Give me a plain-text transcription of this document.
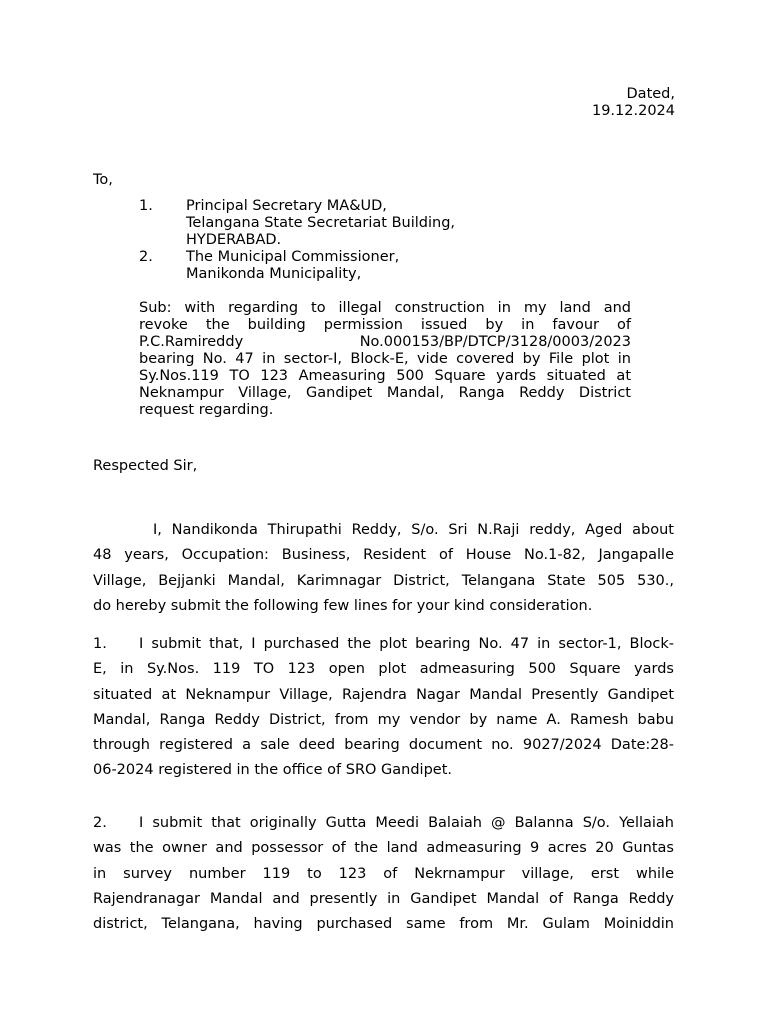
Dated,
19.12.2024
To,
1.	Principal Secretary MA&UD,
Telangana State Secretariat Building,
HYDERABAD.
2.	The Municipal Commissioner,
Manikonda Municipality,
Sub: with regarding to illegal construction in my land and
revoke the building permission issued by in favour of
P.C.Ramireddy No.000153/BP/DTCP/3128/0003/2023
bearing No. 47 in sector-I, Block-E, vide covered by File plot in
Sy.Nos.119 TO 123 Ameasuring 500 Square yards situated at
Neknampur Village, Gandipet Mandal, Ranga Reddy District
request regarding.
Respected Sir,
I, Nandikonda Thirupathi Reddy, S/o. Sri N.Raji reddy, Aged about
48 years, Occupation: Business, Resident of House No.1-82, Jangapalle
Village, Bejjanki Mandal, Karimnagar District, Telangana State 505 530.,
do hereby submit the following few lines for your kind consideration.
1. I submit that, I purchased the plot bearing No. 47 in sector-1, Block-
E, in Sy.Nos. 119 TO 123 open plot admeasuring 500 Square yards
situated at Neknampur Village, Rajendra Nagar Mandal Presently Gandipet
Mandal, Ranga Reddy District, from my vendor by name A. Ramesh babu
through registered a sale deed bearing document no. 9027/2024 Date:28-
06-2024 registered in the office of SRO Gandipet.
2. I submit that originally Gutta Meedi Balaiah @ Balanna S/o. Yellaiah
was the owner and possessor of the land admeasuring 9 acres 20 Guntas
in survey number 119 to 123 of Nekrnampur village, erst while
Rajendranagar Mandal and presently in Gandipet Mandal of Ranga Reddy
district, Telangana, having purchased same from Mr. Gulam Moiniddin
